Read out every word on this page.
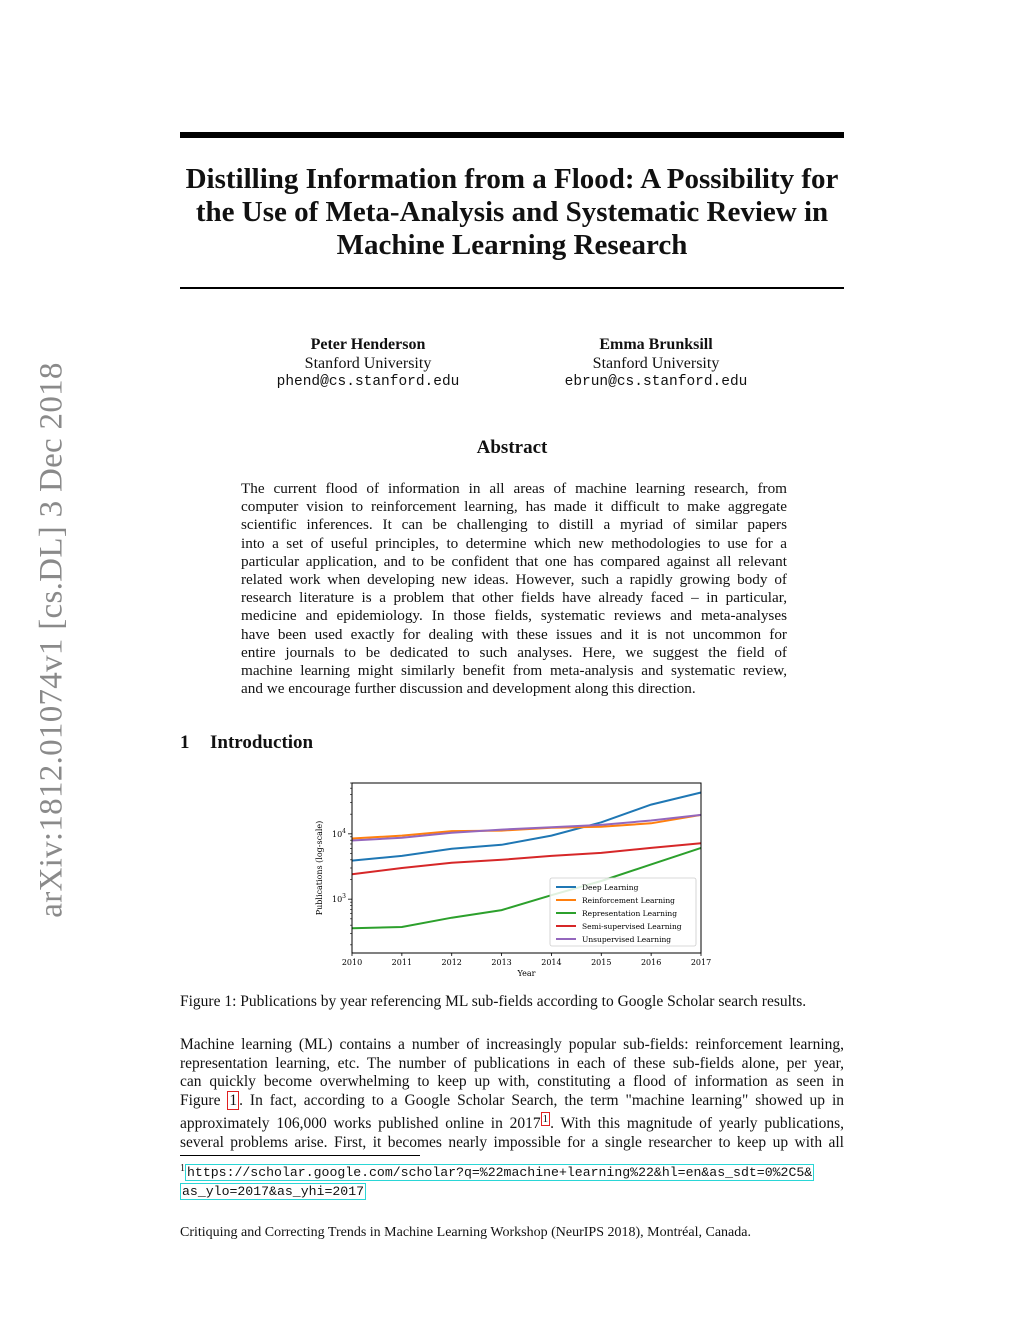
arXiv:1812.01074v1 [cs.DL] 3 Dec 2018
Distilling Information from a Flood: A Possibility for
the Use of Meta-Analysis and Systematic Review in
Machine Learning Research
Peter Henderson
Stanford University
phend@cs.stanford.edu
Emma Brunksill
Stanford University
ebrun@cs.stanford.edu
Abstract
The current flood of information in all areas of machine learning research, from
computer vision to reinforcement learning, has made it difficult to make aggregate
scientific inferences. It can be challenging to distill a myriad of similar papers
into a set of useful principles, to determine which new methodologies to use for a
particular application, and to be confident that one has compared against all relevant
related work when developing new ideas. However, such a rapidly growing body of
research literature is a problem that other fields have already faced – in particular,
medicine and epidemiology. In those fields, systematic reviews and meta-analyses
have been used exactly for dealing with these issues and it is not uncommon for
entire journals to be dedicated to such analyses. Here, we suggest the field of
machine learning might similarly benefit from meta-analysis and systematic review,
and we encourage further discussion and development along this direction.
1 Introduction
2010	2011	2012	2013	2014	2015	2016	2017
$10^3$
$10^4$
Year
Publications (log-scale)	Deep Learning
Reinforcement Learning
Representation Learning
Semi-supervised Learning
Unsupervised Learning
Figure 1: Publications by year referencing ML sub-fields according to Google Scholar search results.
Machine learning (ML) contains a number of increasingly popular sub-fields: reinforcement learning,
representation learning, etc. The number of publications in each of these sub-fields alone, per year,
can quickly become overwhelming to keep up with, constituting a flood of information as seen in
Figure 1 . In fact, according to a Google Scholar Search, the term "machine learning" showed up in
approximately 106,000 works published online in 2017 $^1$ . With this magnitude of yearly publications,
several problems arise. First, it becomes nearly impossible for a single researcher to keep up with all
$^1$ https://scholar.google.com/scholar?q=%22machine+learning%22&hl=en&as_sdt=0%2C5&
as_ylo=2017&as_yhi=2017
Critiquing and Correcting Trends in Machine Learning Workshop (NeurIPS 2018), Montréal, Canada.
